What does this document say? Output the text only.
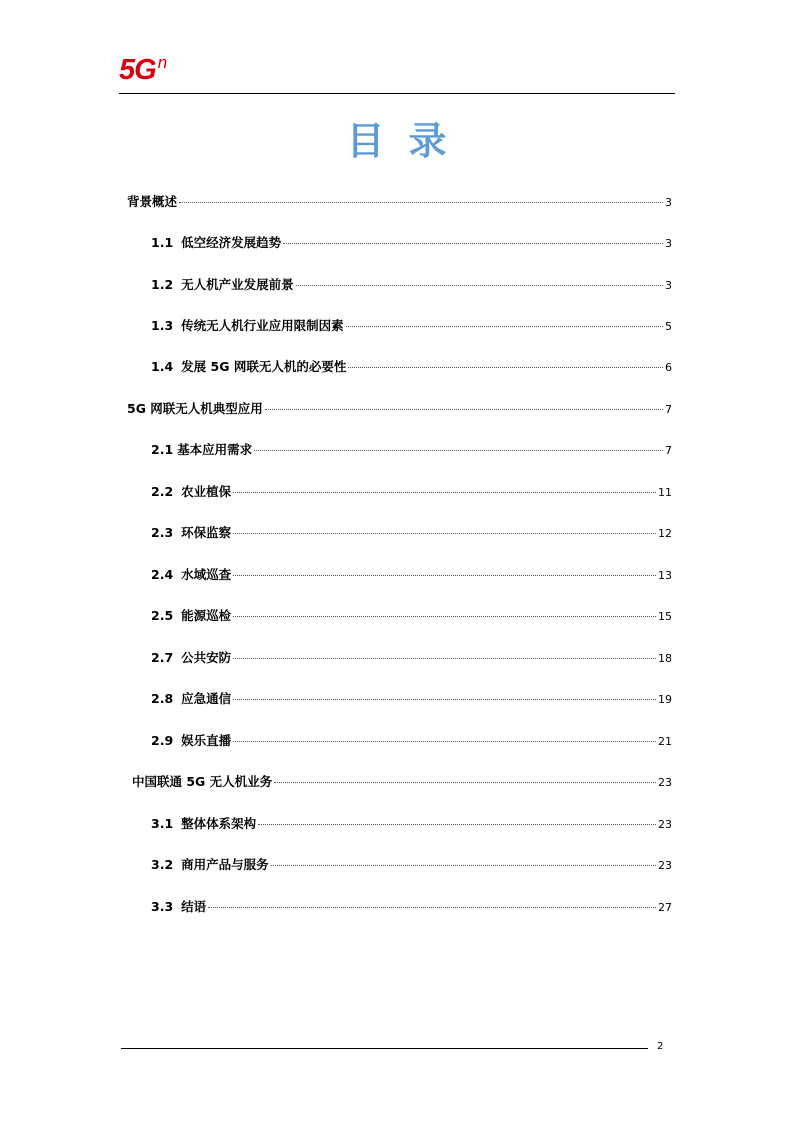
5G $^n$
目录
背景概述	3
1.1 低空经济发展趋势	3
1.2 无人机产业发展前景	3
1.3 传统无人机行业应用限制因素	5
1.4 发展 5G 网联无人机的必要性	6
5G 网联无人机典型应用	7
2.1 基本应用需求	7
2.2 农业植保	11
2.3 环保监察	12
2.4 水域巡查	13
2.5 能源巡检	15
2.7 公共安防	18
2.8 应急通信	19
2.9 娱乐直播	21
中国联通 5G 无人机业务	23
3.1 整体体系架构	23
3.2 商用产品与服务	23
3.3 结语	27
2
